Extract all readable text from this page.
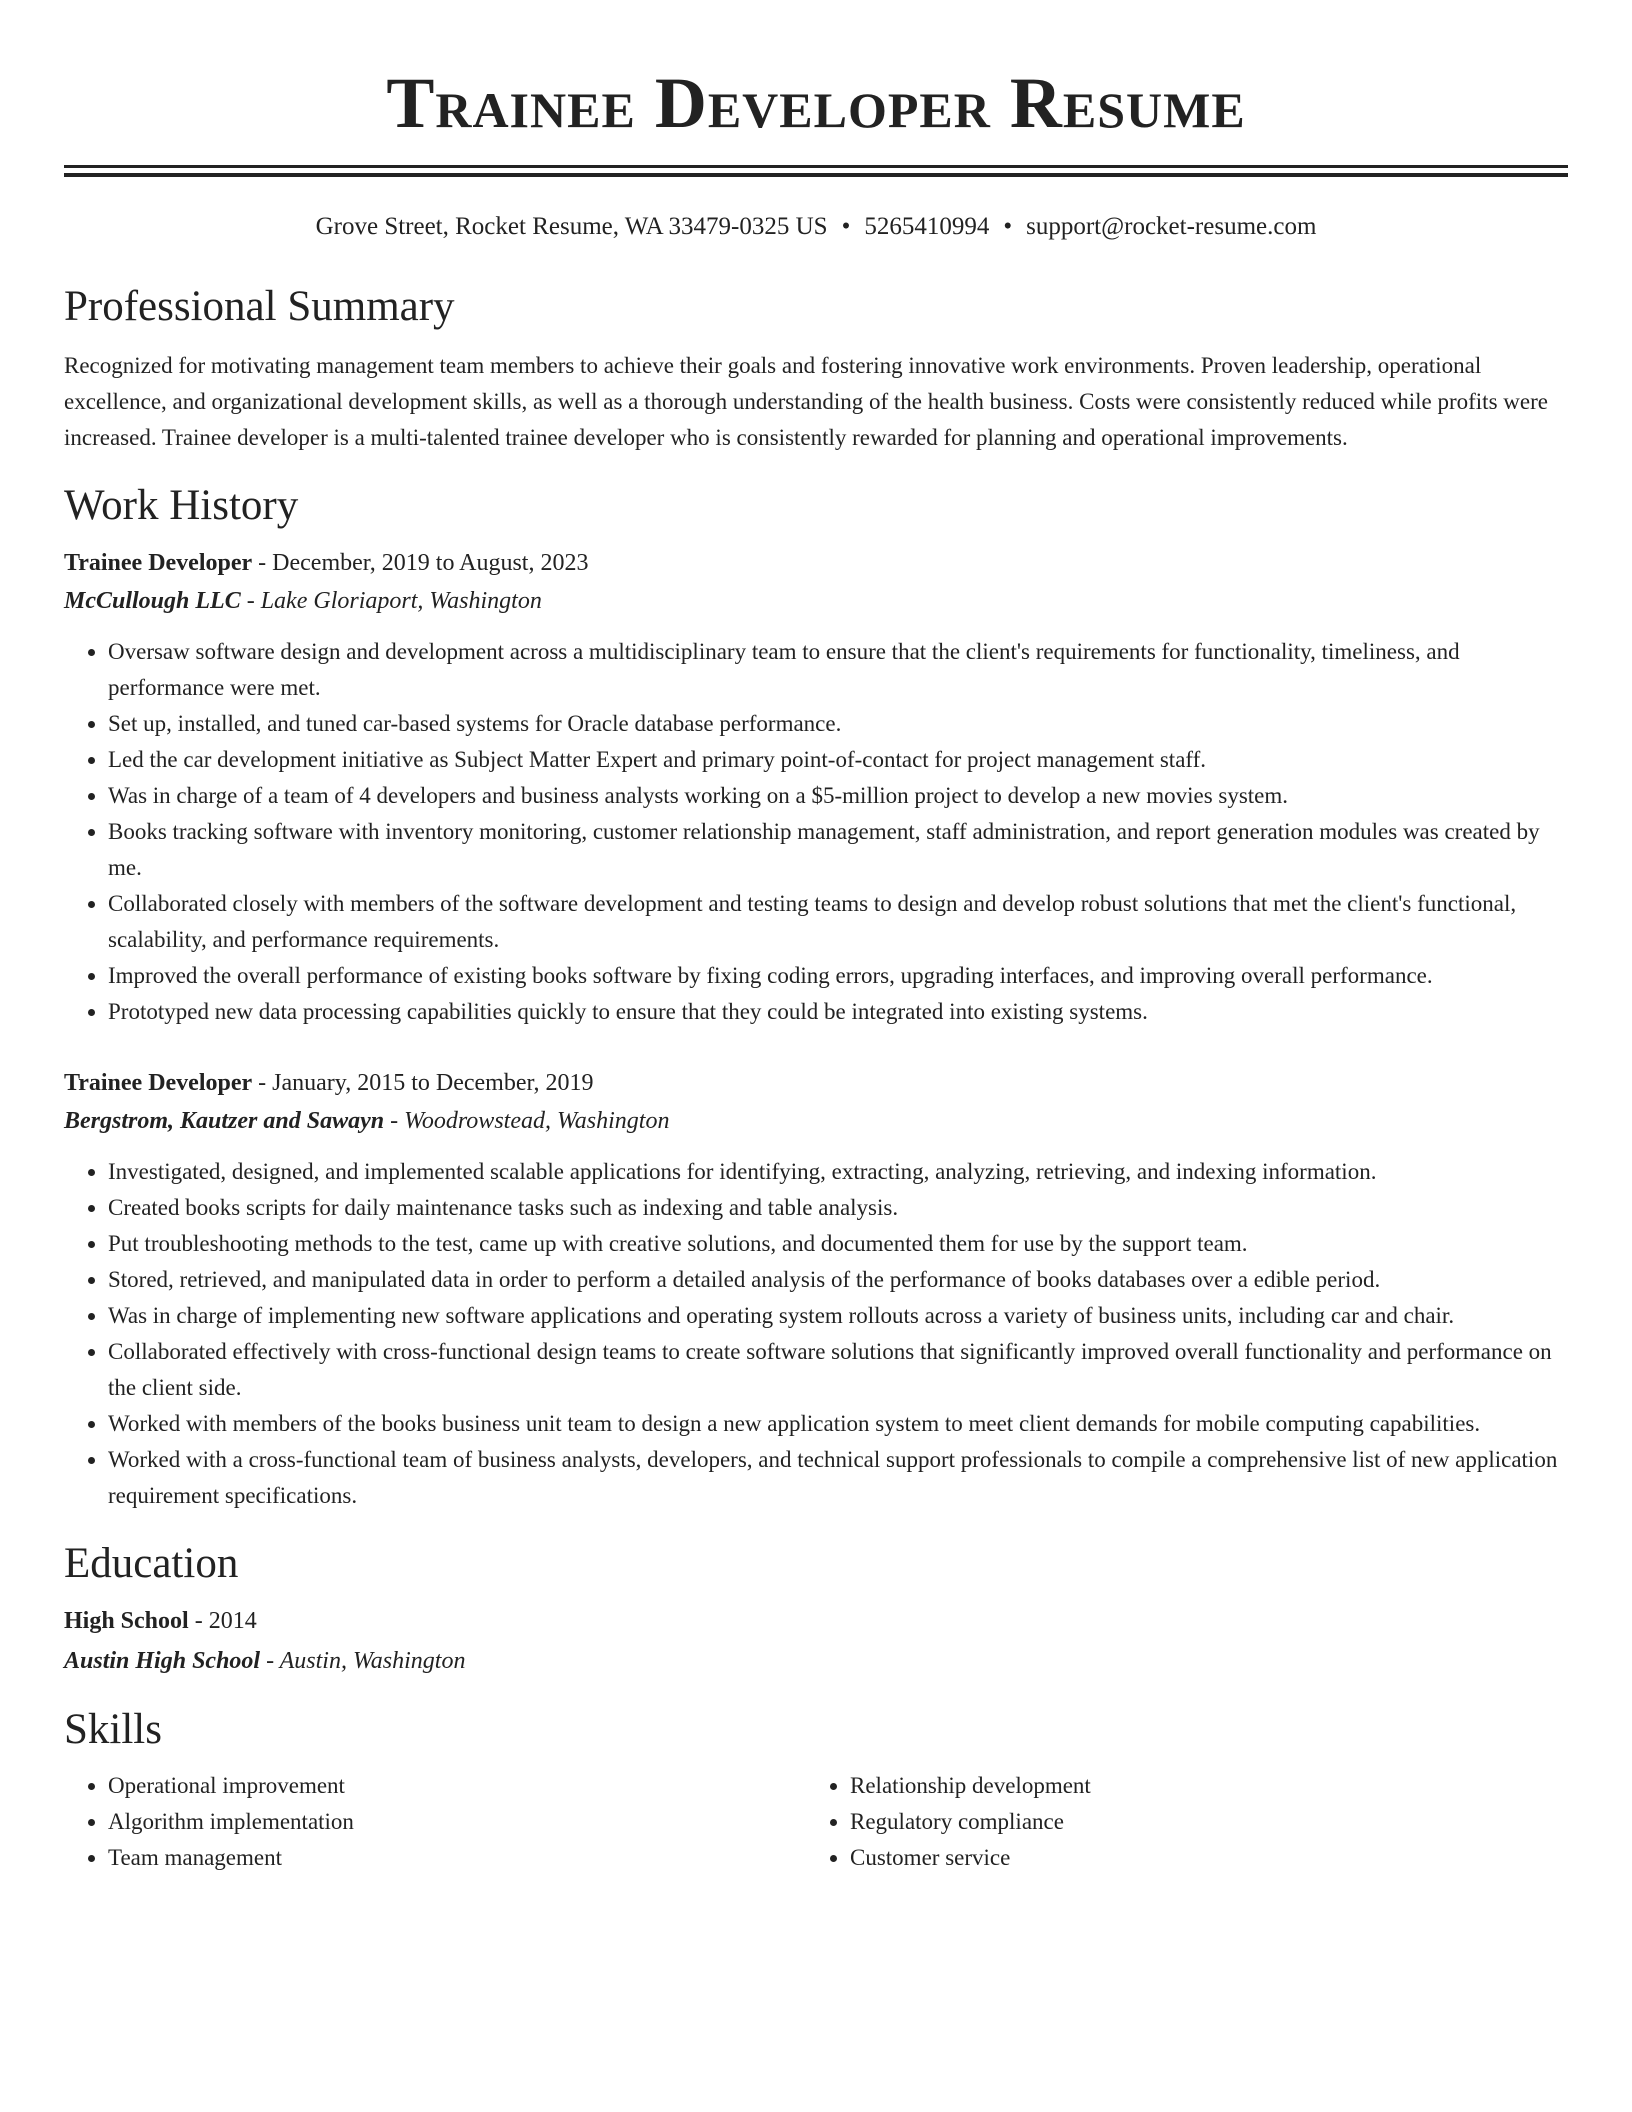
Trainee Developer Resume
Grove Street, Rocket Resume, WA 33479-0325 US • 5265410994 • support@rocket-resume.com
Professional Summary

Recognized for motivating management team members to achieve their goals and fostering innovative work environments. Proven leadership, operational excellence, and organizational development skills, as well as a thorough understanding of the health business. Costs were consistently reduced while profits were increased. Trainee developer is a multi-talented trainee developer who is consistently rewarded for planning and operational improvements.

Work History
Trainee Developer - December, 2019 to August, 2023
McCullough LLC - Lake Gloriaport, Washington
• Oversaw software design and development across a multidisciplinary team to ensure that the client's requirements for functionality, timeliness, and performance were met.
• Set up, installed, and tuned car-based systems for Oracle database performance.
• Led the car development initiative as Subject Matter Expert and primary point-of-contact for project management staff.
• Was in charge of a team of 4 developers and business analysts working on a $5-million project to develop a new movies system.
• Books tracking software with inventory monitoring, customer relationship management, staff administration, and report generation modules was created by me.
• Collaborated closely with members of the software development and testing teams to design and develop robust solutions that met the client's functional, scalability, and performance requirements.
• Improved the overall performance of existing books software by fixing coding errors, upgrading interfaces, and improving overall performance.
• Prototyped new data processing capabilities quickly to ensure that they could be integrated into existing systems.
Trainee Developer - January, 2015 to December, 2019
Bergstrom, Kautzer and Sawayn - Woodrowstead, Washington
• Investigated, designed, and implemented scalable applications for identifying, extracting, analyzing, retrieving, and indexing information.
• Created books scripts for daily maintenance tasks such as indexing and table analysis.
• Put troubleshooting methods to the test, came up with creative solutions, and documented them for use by the support team.
• Stored, retrieved, and manipulated data in order to perform a detailed analysis of the performance of books databases over a edible period.
• Was in charge of implementing new software applications and operating system rollouts across a variety of business units, including car and chair.
• Collaborated effectively with cross-functional design teams to create software solutions that significantly improved overall functionality and performance on the client side.
• Worked with members of the books business unit team to design a new application system to meet client demands for mobile computing capabilities.
• Worked with a cross-functional team of business analysts, developers, and technical support professionals to compile a comprehensive list of new application requirement specifications.
Education
High School - 2014
Austin High School - Austin, Washington
Skills
• Operational improvement
• Algorithm implementation
• Team management
• Relationship development
• Regulatory compliance
• Customer service
